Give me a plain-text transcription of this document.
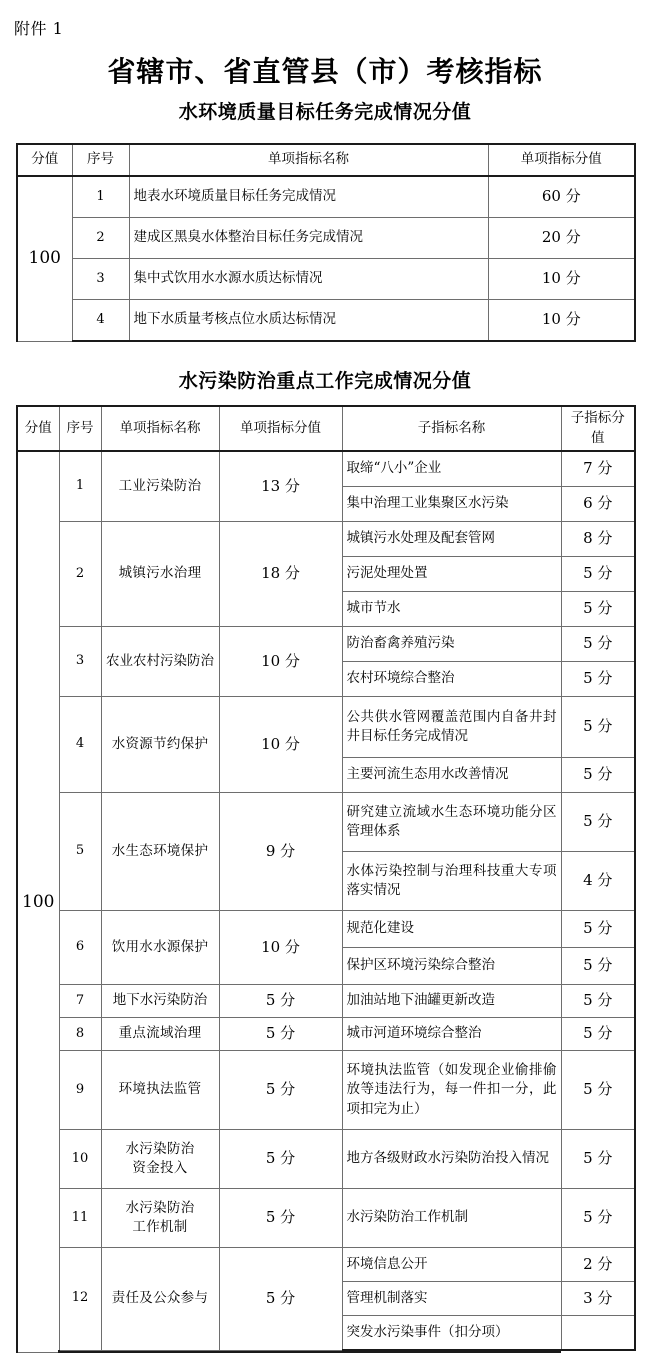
附件 1
省辖市、省直管县（市）考核指标
水环境质量目标任务完成情况分值
分值	序号	单项指标名称	单项指标分值
100	1	地表水环境质量目标任务完成情况	60 分
	2	建成区黑臭水体整治目标任务完成情况	20 分
	3	集中式饮用水水源水质达标情况	10 分
	4	地下水质量考核点位水质达标情况	10 分
水污染防治重点工作完成情况分值
分值	序号	单项指标名称	单项指标分值	子指标名称	子指标分值	
100	1	工业污染防治	13 分	取缔“八小”企业	7 分	
				集中治理工业集聚区水污染	6 分	
	2	城镇污水治理	18 分	城镇污水处理及配套管网	8 分	
				污泥处理处置	5 分	
				城市节水	5 分	
	3	农业农村污染防治	10 分	防治畜禽养殖污染	5 分	
				农村环境综合整治	5 分	
	4	水资源节约保护	10 分	公共供水管网覆盖范围内自备井封井目标任务完成情况	5 分	
				主要河流生态用水改善情况	5 分	
	5	水生态环境保护	9 分	研究建立流域水生态环境功能分区管理体系	5 分	
				水体污染控制与治理科技重大专项落实情况	4 分	
	6	饮用水水源保护	10 分	规范化建设	5 分	
				保护区环境污染综合整治	5 分	
	7	地下水污染防治	5 分	加油站地下油罐更新改造	5 分	
	8	重点流域治理	5 分	城市河道环境综合整治	5 分	
	9	环境执法监管	5 分	环境执法监管（如发现企业偷排偷放等违法行为，每一件扣一分，此项扣完为止）	5 分	
	10	水污染防治
资金投入	5 分	地方各级财政水污染防治投入情况	5 分	
	11	水污染防治
工作机制	5 分	水污染防治工作机制	5 分	
	12	责任及公众参与	5 分	环境信息公开	2 分	
				管理机制落实	3 分	
				突发水污染事件（扣分项）		
